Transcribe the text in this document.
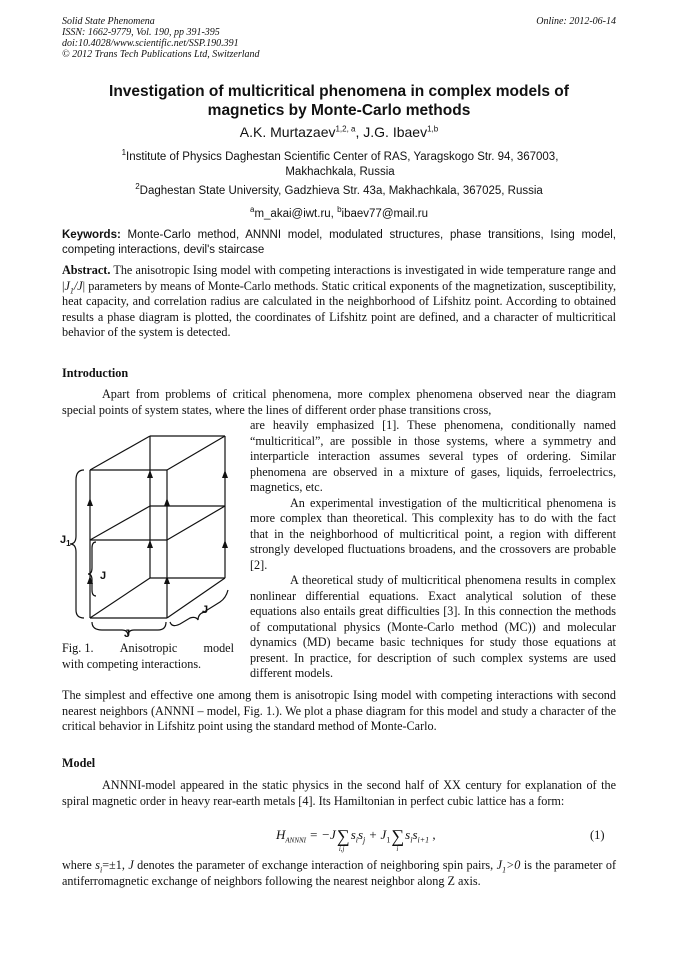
Solid State Phenomena
ISSN: 1662-9779, Vol. 190, pp 391-395
doi:10.4028/www.scientific.net/SSP.190.391
© 2012 Trans Tech Publications Ltd, Switzerland
Online: 2012-06-14
Investigation of multicritical phenomena in complex models of
magnetics by Monte-Carlo methods
A.K. Murtazaev$^{1,2, a}$, J.G. Ibaev$^{1,b}$
$^1$Institute of Physics Daghestan Scientific Center of RAS, Yaragskogo Str. 94, 367003,
Makhachkala, Russia
$^2$Daghestan State University, Gadzhieva Str. 43a, Makhachkala, 367025, Russia
$^a$m_akai@iwt.ru, $^b$ibaev77@mail.ru
Keywords: Monte-Carlo method, ANNNI model, modulated structures, phase transitions, Ising model, competing interactions, devil's staircase
Abstract. The anisotropic Ising model with competing interactions is investigated in wide temperature range and $|J_1/J|$ parameters by means of Monte-Carlo methods. Static critical exponents of the magnetization, susceptibility, heat capacity, and correlation radius are calculated in the neighborhood of Lifshitz point. According to obtained results a phase diagram is plotted, the coordinates of Lifshitz point are defined, and a character of multicritical behavior of the system is detected.
Introduction

Apart from problems of critical phenomena, more complex phenomena observed near the diagram special points of system states, where the lines of different order phase transitions cross,

$J_1$
J
J
J
Fig. 1. Anisotropic model
with competing interactions.

are heavily emphasized [1]. These phenomena, conditionally named “multicritical”, are possible in those systems, where a symmetry and interparticle interaction assumes several types of ordering. Similar phenomena are observed in a mixture of gases, liquids, ferroelectrics, magnetics, etc.

An experimental investigation of the multicritical phenomena is more complex than theoretical. This complexity has to do with the fact that in the neighborhood of multicritical point, a region with different strongly developed fluctuations broadens, and the crossovers are probable [2].

A theoretical study of multicritical phenomena results in complex nonlinear differential equations. Exact analytical solution of these equations also entails great difficulties [3]. In this connection the methods of computational physics (Monte-Carlo method (MC)) and molecular dynamics (MD) became basic techniques for study those equations at present. In practice, for description of such complex systems are used different models.

The simplest and effective one among them is anisotropic Ising model with competing interactions with second nearest neighbors (ANNNI – model, Fig. 1.). We plot a phase diagram for this model and study a character of the critical behavior in Lifshitz point using the standard method of Monte-Carlo.
Model

ANNNI-model appeared in the static physics in the second half of XX century for explanation of the spiral magnetic order in heavy rear-earth metals [4]. Its Hamiltonian in perfect cubic lattice has a form:

$H_{ANNNI} = -J\sum$
i,j
$s_is_j + J_1\sum$
i
$s_is_{i+1}$ ,	(1)
where $s_i=\pm 1$, J denotes the parameter of exchange interaction of neighboring spin pairs, $J_1>0$ is the parameter of antiferromagnetic exchange of neighbors following the nearest neighbor along Z axis.
